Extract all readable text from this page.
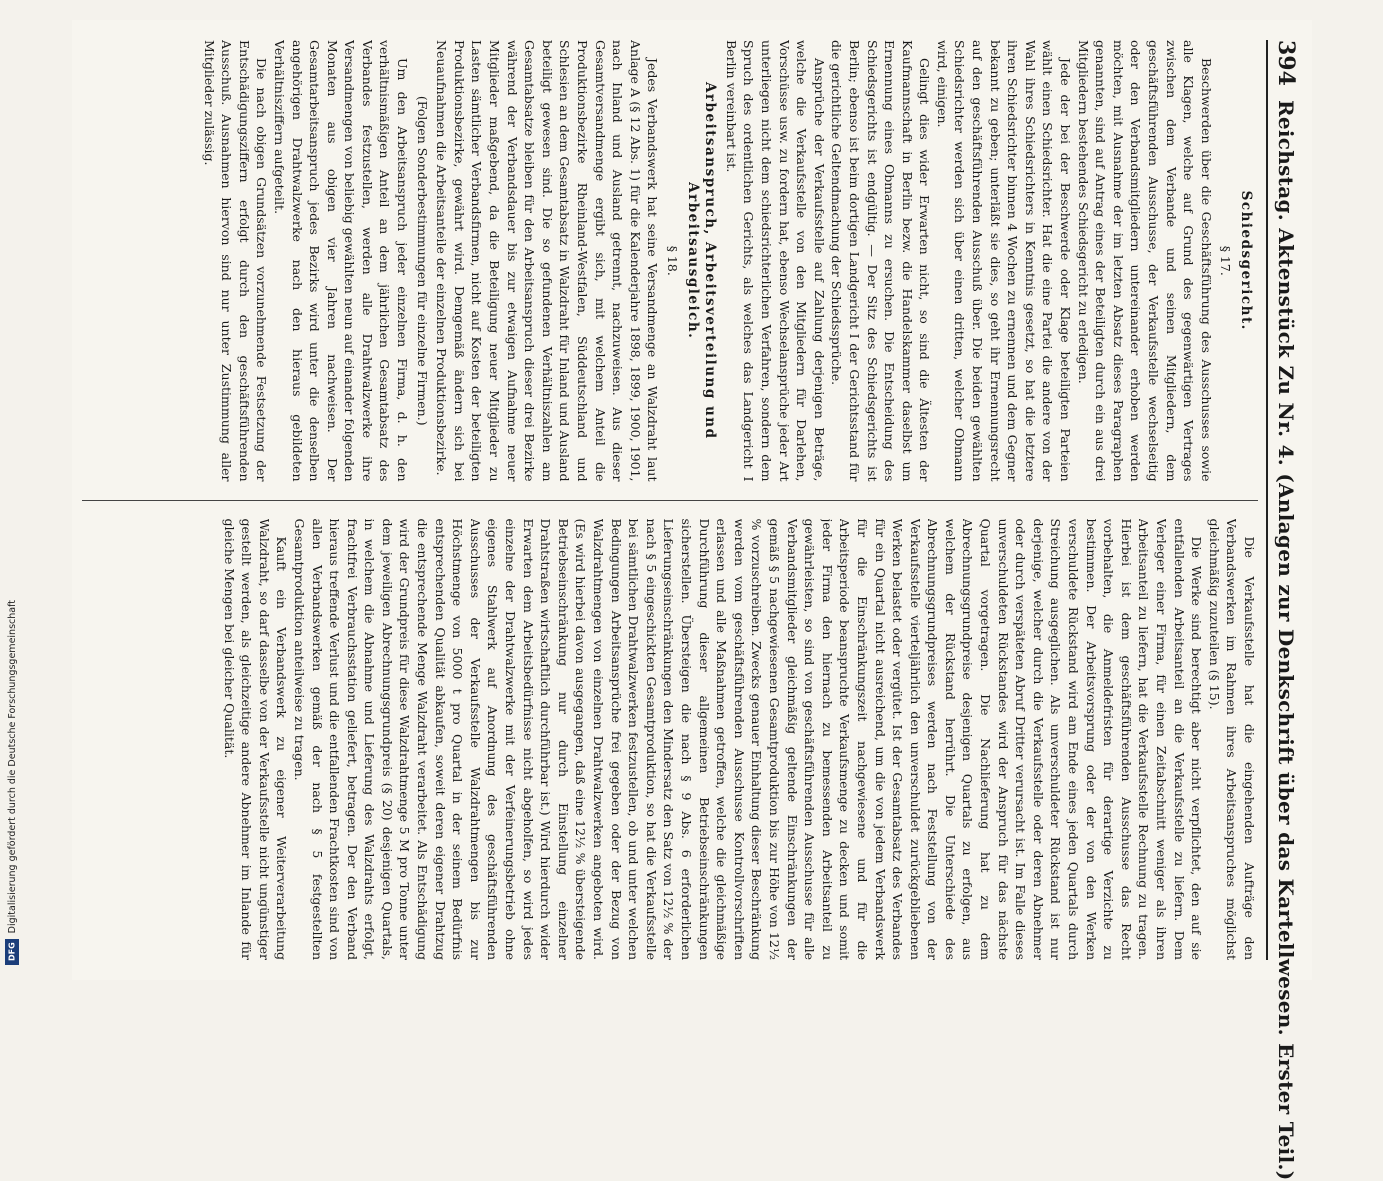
394
Reichstag. Aktenstück Zu Nr. 4. (Anlagen zur Denkschrift über das Kartellwesen. Erster Teil.)
Schiedsgericht.
§ 17.

Beschwerden über die Geschäftsführung des Ausschusses sowie alle Klagen, welche auf Grund des gegenwärtigen Vertrages zwischen dem Verbande und seinen Mitgliedern, dem geschäftsführenden Ausschusse, der Verkaufsstelle wechselseitig oder den Verbandsmitgliedern untereinander erhoben werden möchten, mit Ausnahme der im letzten Absatz dieses Paragraphen genannten, sind auf Antrag eines der Beteiligten durch ein aus drei Mitgliedern bestehendes Schiedsgericht zu erledigen.

Jede der bei der Beschwerde oder Klage beteiligten Parteien wählt einen Schiedsrichter. Hat die eine Partei die andere von der Wahl ihres Schiedsrichters in Kenntnis gesetzt, so hat die letztere ihren Schiedsrichter binnen 4 Wochen zu ernennen und dem Gegner bekannt zu geben; unterläßt sie dies, so geht ihr Ernennungsrecht auf den geschäftsführenden Ausschuß über. Die beiden gewählten Schiedsrichter werden sich über einen dritten, welcher Obmann wird, einigen.

Gelingt dies wider Erwarten nicht, so sind die Ältesten der Kaufmannschaft in Berlin bezw. die Handelskammer daselbst um Ernennung eines Obmanns zu ersuchen. Die Entscheidung des Schiedsgerichts ist endgültig. — Der Sitz des Schiedsgerichts ist Berlin; ebenso ist beim dortigen Landgericht I der Gerichtsstand für die gerichtliche Geltendmachung der Schiedssprüche.

Ansprüche der Verkaufsstelle auf Zahlung derjenigen Beträge, welche die Verkaufsstelle von den Mitgliedern für Darlehen, Vorschüsse usw. zu fordern hat, ebenso Wechselansprüche jeder Art unterliegen nicht dem schiedsrichterlichen Verfahren, sondern dem Spruch des ordentlichen Gerichts, als welches das Landgericht I Berlin vereinbart ist.

Arbeitsanspruch, Arbeitsverteilung und Arbeitsausgleich.
§ 18.

Jedes Verbandswerk hat seine Versandmenge an Walzdraht laut Anlage A (§ 12 Abs. 1) für die Kalenderjahre 1898, 1899, 1900, 1901, nach Inland und Ausland getrennt, nachzuweisen. Aus dieser Gesamtversandmenge ergibt sich, mit welchem Anteil die Produktionsbezirke Rheinland-Westfalen, Süddeutschland und Schlesien an dem Gesamtabsatz in Walzdraht für Inland und Ausland beteiligt gewesen sind. Die so gefundenen Verhältniszahlen am Gesamtabsatze bleiben für den Arbeitsanspruch dieser drei Bezirke während der Verbandsdauer bis zur etwaigen Aufnahme neuer Mitglieder maßgebend, da die Beteiligung neuer Mitglieder zu Lasten sämtlicher Verbandsfirmen, nicht auf Kosten der beteiligten Produktionsbezirke, gewährt wird. Demgemäß ändern sich bei Neuaufnahmen die Arbeitsanteile der einzelnen Produktionsbezirke.

(Folgen Sonderbestimmungen für einzelne Firmen.)

Um den Arbeitsanspruch jeder einzelnen Firma, d. h. den verhältnismäßigen Anteil an dem jährlichen Gesamtabsatz des Verbandes festzustellen, werden alle Drahtwalzwerke ihre Versandmengen von beliebig gewählten neun auf einander folgenden Monaten aus obigen vier Jahren nachweisen. Der Gesamtarbeitsanspruch jedes Bezirks wird unter die denselben angehörigen Drahtwalzwerke nach den hieraus gebildeten Verhältnisziffern aufgeteilt.

Die nach obigen Grundsätzen vorzunehmende Festsetzung der Entschädigungsziffern erfolgt durch den geschäftsführenden Ausschuß. Ausnahmen hiervon sind nur unter Zustimmung aller Mitglieder zulässig.

Die Verkaufsstelle hat die eingehenden Aufträge den Verbandswerken im Rahmen ihres Arbeitsanspruches möglichst gleichmäßig zuzuteilen (§ 15).

Die Werke sind berechtigt aber nicht verpflichtet, den auf sie entfallenden Arbeitsanteil an die Verkaufsstelle zu liefern. Dem Verleger einer Firma, für einen Zeitabschnitt weniger als ihren Arbeitsanteil zu liefern, hat die Verkaufsstelle Rechnung zu tragen. Hierbei ist dem geschäftsführenden Ausschusse das Recht vorbehalten, die Anmeldefristen für derartige Verzichte zu bestimmen. Der Arbeitsvorsprung oder der von den Werken verschuldete Rückstand wird am Ende eines jeden Quartals durch Streichung ausgeglichen. Als unverschuldeter Rückstand ist nur derjenige, welcher durch die Verkaufsstelle oder deren Abnehmer oder durch verspäteten Abruf Dritter verursacht ist. Im Falle dieses unverschuldeten Rückstandes wird der Anspruch für das nächste Quartal vorgetragen. Die Nachlieferung hat zu dem Abrechnungsgrundpreise desjenigen Quartals zu erfolgen, aus welchem der Rückstand herrührt. Die Unterschiede des Abrechnungsgrundpreises werden nach Feststellung von der Verkaufsstelle vierteljährlich den unverschuldet zurückgebliebenen Werken belastet oder vergütet. Ist der Gesamtabsatz des Verbandes für ein Quartal nicht ausreichend, um die von jedem Verbandswerk für die Einschränkungszeit nachgewiesene und für die Arbeitsperiode beanspruchte Verkaufsmenge zu decken und somit jeder Firma den hiernach zu bemessenden Arbeitsanteil zu gewährleisten, so sind von geschäftsführenden Ausschusse für alle Verbandsmitglieder gleichmäßig geltende Einschränkungen der gemäß § 5 nachgewiesenen Gesamtproduktion bis zur Höhe von 12½ % vorzuschreiben. Zwecks genauer Einhaltung dieser Beschränkung werden vom geschäftsführenden Ausschusse Kontrollvorschriften erlassen und alle Maßnahmen getroffen, welche die gleichmäßige Durchführung dieser allgemeinen Betriebseinschränkungen sicherstellen. Übersteigen die nach § 9 Abs. 6 erforderlichen Lieferungseinschränkungen den Mindersatz den Satz von 12½ % der nach § 5 eingeschickten Gesamtproduktion, so hat die Verkaufsstelle bei sämtlichen Drahtwalzwerken festzustellen, ob und unter welchen Bedingungen Arbeitsansprüche frei gegeben oder der Bezug von Walzdrahtmengen von einzelnen Drahtwalzwerken angeboten wird. (Es wird hierbei davon ausgegangen, daß eine 12½ % übersteigende Betriebseinschränkung nur durch Einstellung einzelner Drahtstraßen wirtschaftlich durchführbar ist.) Wird hierdurch wider Erwarten dem Arbeitsbedürfnisse nicht abgeholfen, so wird jedes einzelne der Drahtwalzwerke mit der Verfeinerungsbetrieb ohne eigenes Stahlwerk auf Anordnung des geschäftsführenden Ausschusses der Verkaufsstelle Walzdrahtmengen bis zur Höchstmenge von 5000 t pro Quartal in der seinem Bedürfnis entsprechenden Qualität abkaufen, soweit deren eigener Drahtzug die entsprechende Menge Walzdraht verarbeitet. Als Entschädigung wird der Grundpreis für diese Walzdrahtmenge 5 M pro Tonne unter dem jeweiligen Abrechnungsgrundpreis (§ 20) desjenigen Quartals, in welchem die Abnahme und Lieferung des Walzdrahts erfolgt, frachtfrei Verbrauchsstation geliefert, betragen. Der den Verband hieraus treffende Verlust und die entfallenden Frachtkosten sind von allen Verbandswerken gemäß der nach § 5 festgestellten Gesamtproduktion anteilweise zu tragen.

Kauft ein Verbandswerk zu eigener Weiterverarbeitung Walzdraht, so darf dasselbe von der Verkaufsstelle nicht ungünstiger gestellt werden, als gleichzeitige andere Abnehmer im Inlande für gleiche Mengen bei gleicher Qualität.

Digitalisierung gefördert durch die Deutsche Forschungsgemeinschaft
DFG
